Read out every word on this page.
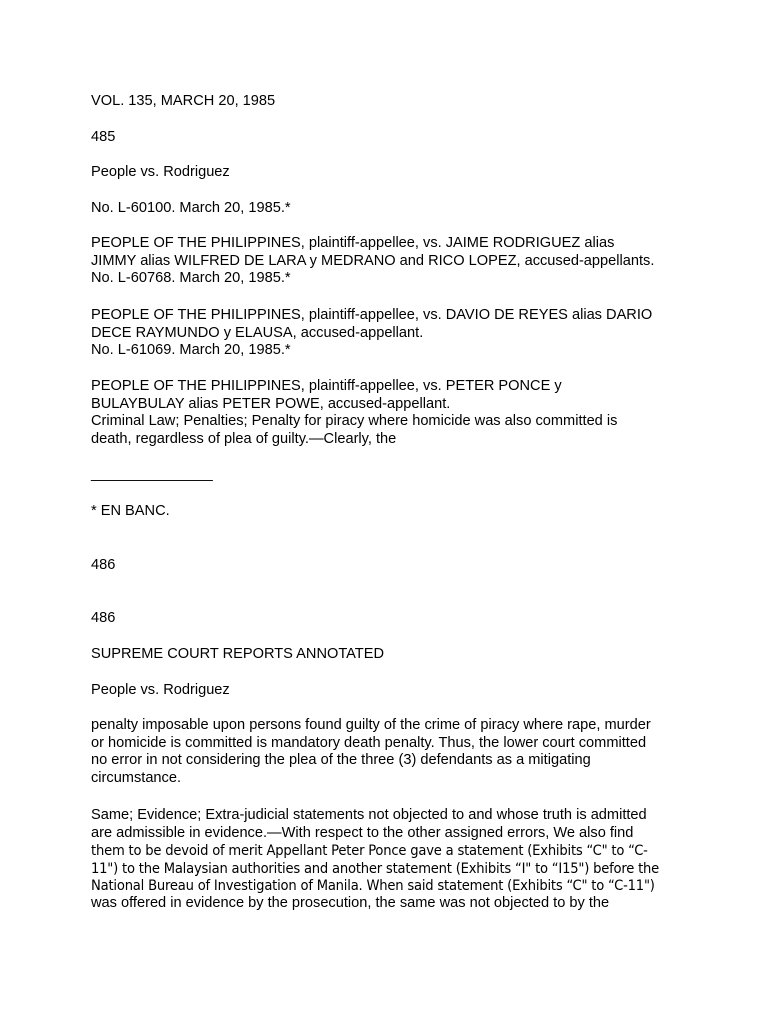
VOL. 135, MARCH 20, 1985

485

People vs. Rodriguez

No. L-60100. March 20, 1985.*

PEOPLE OF THE PHILIPPINES, plaintiff-appellee, vs. JAIME RODRIGUEZ alias
JIMMY alias WILFRED DE LARA y MEDRANO and RICO LOPEZ, accused-appellants.
No. L-60768. March 20, 1985.*
PEOPLE OF THE PHILIPPINES, plaintiff-appellee, vs. DAVIO DE REYES alias DARIO
DECE RAYMUNDO y ELAUSA, accused-appellant.
No. L-61069. March 20, 1985.*
PEOPLE OF THE PHILIPPINES, plaintiff-appellee, vs. PETER PONCE y
BULAYBULAY alias PETER POWE, accused-appellant.
Criminal Law; Penalties; Penalty for piracy where homicide was also committed is
death, regardless of plea of guilty.—Clearly, the

_______________

* EN BANC.

486

486

SUPREME COURT REPORTS ANNOTATED

People vs. Rodriguez

penalty imposable upon persons found guilty of the crime of piracy where rape, murder
or homicide is committed is mandatory death penalty. Thus, the lower court committed
no error in not considering the plea of the three (3) defendants as a mitigating
circumstance.
Same; Evidence; Extra-judicial statements not objected to and whose truth is admitted
are admissible in evidence.—With respect to the other assigned errors, We also find
them to be devoid of merit Appellant Peter Ponce gave a statement (Exhibits “C" to “C-
11") to the Malaysian authorities and another statement (Exhibits “I" to “I15") before the
National Bureau of Investigation of Manila. When said statement (Exhibits “C" to “C-11")
was offered in evidence by the prosecution, the same was not objected to by the
